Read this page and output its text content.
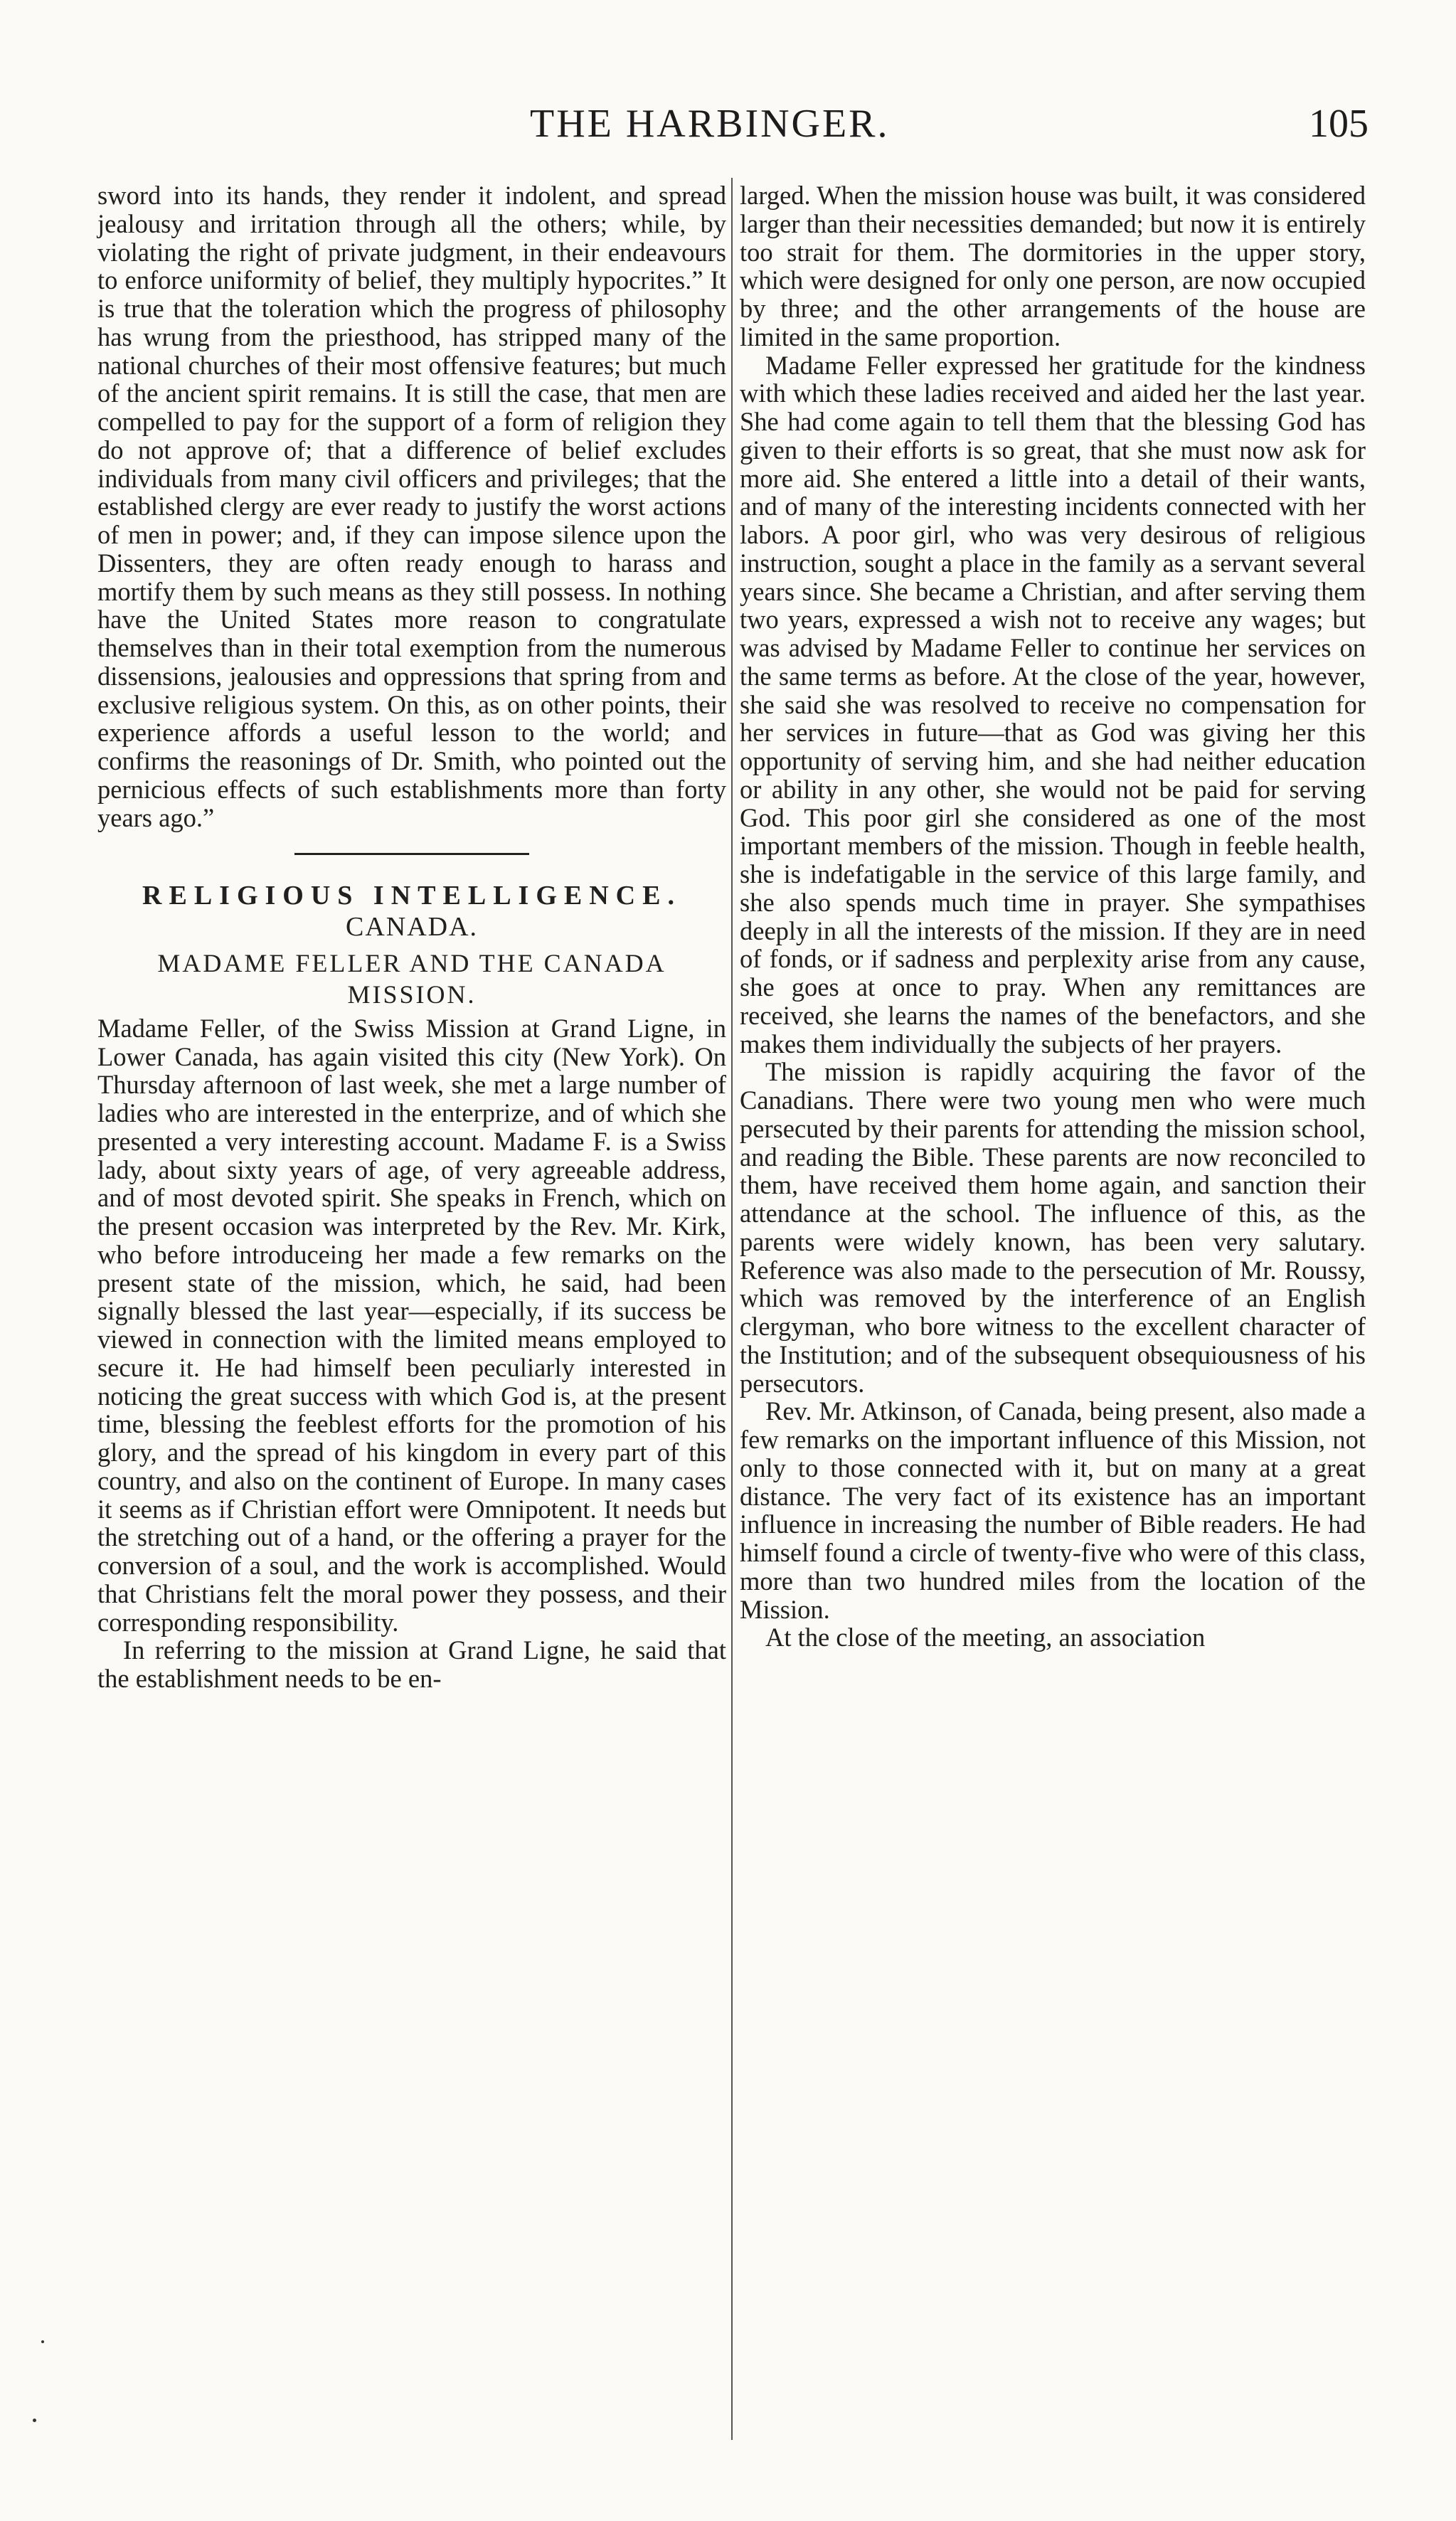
THE HARBINGER.	105

sword into its hands, they render it indolent, and spread jealousy and irritation through all the others; while, by violating the right of private judgment, in their endeavours to enforce uniformity of belief, they multiply hypocrites.” It is true that the toleration which the progress of philosophy has wrung from the priesthood, has stripped many of the national churches of their most offensive features; but much of the ancient spirit remains. It is still the case, that men are compelled to pay for the support of a form of religion they do not approve of; that a difference of belief excludes individuals from many civil officers and privileges; that the established clergy are ever ready to justify the worst actions of men in power; and, if they can impose silence upon the Dissenters, they are often ready enough to harass and mortify them by such means as they still possess. In nothing have the United States more reason to congratulate themselves than in their total exemption from the numerous dissensions, jealousies and oppressions that spring from and exclusive religious system. On this, as on other points, their experience affords a useful lesson to the world; and confirms the reasonings of Dr. Smith, who pointed out the pernicious effects of such establishments more than forty years ago.”

RELIGIOUS INTELLIGENCE.

CANADA.

MADAME FELLER AND THE CANADA MISSION.

Madame Feller, of the Swiss Mission at Grand Ligne, in Lower Canada, has again visited this city (New York). On Thursday afternoon of last week, she met a large number of ladies who are interested in the enterprize, and of which she presented a very interesting account. Madame F. is a Swiss lady, about sixty years of age, of very agreeable address, and of most devoted spirit. She speaks in French, which on the present occasion was interpreted by the Rev. Mr. Kirk, who before introduceing her made a few remarks on the present state of the mission, which, he said, had been signally blessed the last year—especially, if its success be viewed in connection with the limited means employed to secure it. He had himself been peculiarly interested in noticing the great success with which God is, at the present time, blessing the feeblest efforts for the promotion of his glory, and the spread of his kingdom in every part of this country, and also on the continent of Europe. In many cases it seems as if Christian effort were Omnipotent. It needs but the stretching out of a hand, or the offering a prayer for the conversion of a soul, and the work is accomplished. Would that Christians felt the moral power they possess, and their corresponding responsibility.

In referring to the mission at Grand Ligne, he said that the establishment needs to be en-

larged. When the mission house was built, it was considered larger than their necessities demanded; but now it is entirely too strait for them. The dormitories in the upper story, which were designed for only one person, are now occupied by three; and the other arrangements of the house are limited in the same proportion.

Madame Feller expressed her gratitude for the kindness with which these ladies received and aided her the last year. She had come again to tell them that the blessing God has given to their efforts is so great, that she must now ask for more aid. She entered a little into a detail of their wants, and of many of the interesting incidents connected with her labors. A poor girl, who was very desirous of religious instruction, sought a place in the family as a servant several years since. She became a Christian, and after serving them two years, expressed a wish not to receive any wages; but was advised by Madame Feller to continue her services on the same terms as before. At the close of the year, however, she said she was resolved to receive no compensation for her services in future—that as God was giving her this opportunity of serving him, and she had neither education or ability in any other, she would not be paid for serving God. This poor girl she considered as one of the most important members of the mission. Though in feeble health, she is indefatigable in the service of this large family, and she also spends much time in prayer. She sympathises deeply in all the interests of the mission. If they are in need of fonds, or if sadness and perplexity arise from any cause, she goes at once to pray. When any remittances are received, she learns the names of the benefactors, and she makes them individually the subjects of her prayers.

The mission is rapidly acquiring the favor of the Canadians. There were two young men who were much persecuted by their parents for attending the mission school, and reading the Bible. These parents are now reconciled to them, have received them home again, and sanction their attendance at the school. The influence of this, as the parents were widely known, has been very salutary. Reference was also made to the persecution of Mr. Roussy, which was removed by the interference of an English clergyman, who bore witness to the excellent character of the Institution; and of the subsequent obsequiousness of his persecutors.

Rev. Mr. Atkinson, of Canada, being present, also made a few remarks on the important influence of this Mission, not only to those connected with it, but on many at a great distance. The very fact of its existence has an important influence in increasing the number of Bible readers. He had himself found a circle of twenty-five who were of this class, more than two hundred miles from the location of the Mission.

At the close of the meeting, an association
